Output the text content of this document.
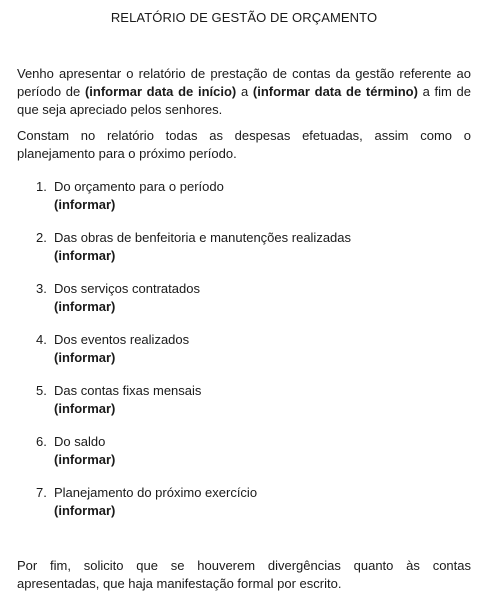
RELATÓRIO DE GESTÃO DE ORÇAMENTO

Venho apresentar o relatório de prestação de contas da gestão referente ao período de (informar data de início) a (informar data de término) a fim de que seja apreciado pelos senhores.

Constam no relatório todas as despesas efetuadas, assim como o planejamento para o próximo período.

1. Do orçamento para o período
(informar)
2. Das obras de benfeitoria e manutenções realizadas
(informar)
3. Dos serviços contratados
(informar)
4. Dos eventos realizados
(informar)
5. Das contas fixas mensais
(informar)
6. Do saldo
(informar)
7. Planejamento do próximo exercício
(informar)

Por fim, solicito que se houverem divergências quanto às contas apresentadas, que haja manifestação formal por escrito.
